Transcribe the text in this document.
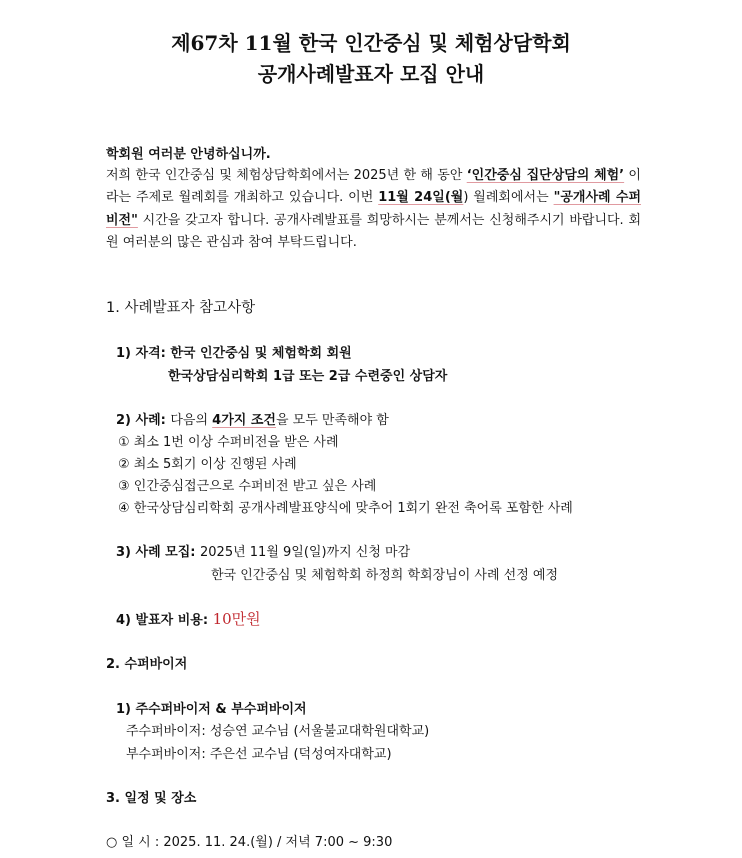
제67차 11월 한국 인간중심 및 체험상담학회
공개사례발표자 모집 안내
학회원 여러분 안녕하십니까.
저희 한국 인간중심 및 체험상담학회에서는 2025년 한 해 동안 ‘인간중심 집단상담의 체험’ 이라는 주제로 월례회를 개최하고 있습니다. 이번 11월 24일(월) 월례회에서는 "공개사례 수퍼비전" 시간을 갖고자 합니다. 공개사례발표를 희망하시는 분께서는 신청해주시기 바랍니다. 회원 여러분의 많은 관심과 참여 부탁드립니다.
1. 사례발표자 참고사항
1) 자격: 한국 인간중심 및 체험학회 회원
한국상담심리학회 1급 또는 2급 수련중인 상담자
2) 사례: 다음의 4가지 조건을 모두 만족해야 함
① 최소 1번 이상 수퍼비전을 받은 사례
② 최소 5회기 이상 진행된 사례
③ 인간중심접근으로 수퍼비전 받고 싶은 사례
④ 한국상담심리학회 공개사례발표양식에 맞추어 1회기 완전 축어록 포함한 사례
3) 사례 모집: 2025년 11월 9일(일)까지 신청 마감
한국 인간중심 및 체험학회 하정희 학회장님이 사례 선정 예정
4) 발표자 비용: 10만원
2. 수퍼바이저
1) 주수퍼바이저 & 부수퍼바이저
주수퍼바이저: 성승연 교수님 (서울불교대학원대학교)
부수퍼바이저: 주은선 교수님 (덕성여자대학교)
3. 일정 및 장소
○ 일 시 : 2025. 11. 24.(월) / 저녁 7:00 ~ 9:30
